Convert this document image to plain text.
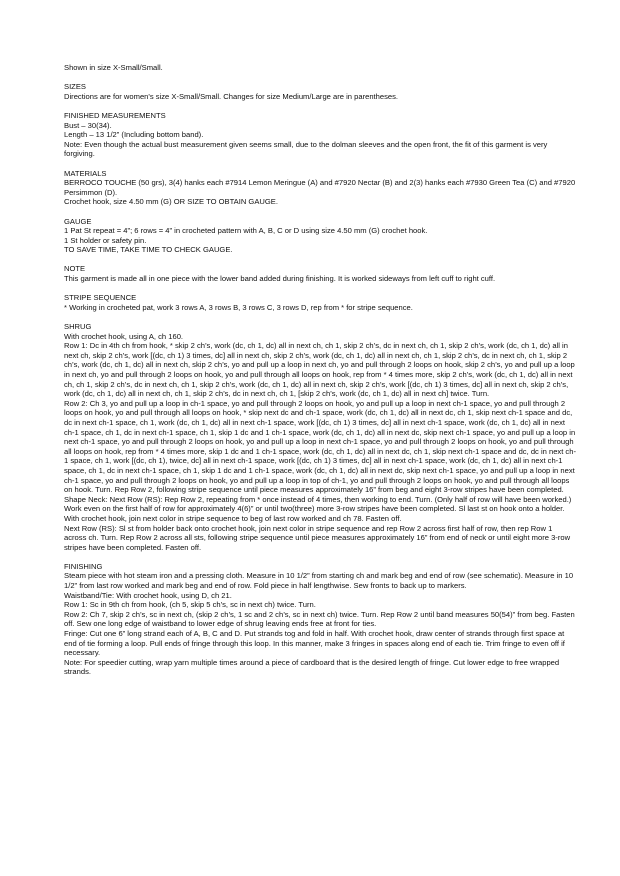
Shown in size X-Small/Small.

SIZES

Directions are for women's size X-Small/Small. Changes for size Medium/Large are in parentheses.

FINISHED MEASUREMENTS

Bust – 30(34).

Length – 13 1/2” (Including bottom band).

Note: Even though the actual bust measurement given seems small, due to the dolman sleeves and the open front, the fit of this garment is very forgiving.

MATERIALS

BERROCO TOUCHE (50 grs), 3(4) hanks each #7914 Lemon Meringue (A) and #7920 Nectar (B) and 2(3) hanks each #7930 Green Tea (C) and #7920 Persimmon (D).

Crochet hook, size 4.50 mm (G) OR SIZE TO OBTAIN GAUGE.

GAUGE

1 Pat St repeat = 4”; 6 rows = 4” in crocheted pattern with A, B, C or D using size 4.50 mm (G) crochet hook.

1 St holder or safety pin.

TO SAVE TIME, TAKE TIME TO CHECK GAUGE.

NOTE

This garment is made all in one piece with the lower band added during finishing. It is worked sideways from left cuff to right cuff.

STRIPE SEQUENCE

* Working in crocheted pat, work 3 rows A, 3 rows B, 3 rows C, 3 rows D, rep from * for stripe sequence.

SHRUG

With crochet hook, using A, ch 160.

Row 1: Dc in 4th ch from hook, * skip 2 ch’s, work (dc, ch 1, dc) all in next ch, ch 1, skip 2 ch’s, dc in next ch, ch 1, skip 2 ch’s, work (dc, ch 1, dc) all in next ch, skip 2 ch’s, work [(dc, ch 1) 3 times, dc] all in next ch, skip 2 ch’s, work (dc, ch 1, dc) all in next ch, ch 1, skip 2 ch’s, dc in next ch, ch 1, skip 2 ch’s, work (dc, ch 1, dc) all in next ch, skip 2 ch’s, yo and pull up a loop in next ch, yo and pull through 2 loops on hook, skip 2 ch’s, yo and pull up a loop in next ch, yo and pull through 2 loops on hook, yo and pull through all loops on hook, rep from * 4 times more, skip 2 ch’s, work (dc, ch 1, dc) all in next ch, ch 1, skip 2 ch’s, dc in next ch, ch 1, skip 2 ch’s, work (dc, ch 1, dc) all in next ch, skip 2 ch’s, work [(dc, ch 1) 3 times, dc] all in next ch, skip 2 ch’s, work (dc, ch 1, dc) all in next ch, ch 1, skip 2 ch’s, dc in next ch, ch 1, [skip 2 ch’s, work (dc, ch 1, dc) all in next ch] twice. Turn.

Row 2: Ch 3, yo and pull up a loop in ch-1 space, yo and pull through 2 loops on hook, yo and pull up a loop in next ch-1 space, yo and pull through 2 loops on hook, yo and pull through all loops on hook, * skip next dc and ch-1 space, work (dc, ch 1, dc) all in next dc, ch 1, skip next ch-1 space and dc, dc in next ch-1 space, ch 1, work (dc, ch 1, dc) all in next ch-1 space, work [(dc, ch 1) 3 times, dc] all in next ch-1 space, work (dc, ch 1, dc) all in next ch-1 space, ch 1, dc in next ch-1 space, ch 1, skip 1 dc and 1 ch-1 space, work (dc, ch 1, dc) all in next dc, skip next ch-1 space, yo and pull up a loop in next ch-1 space, yo and pull through 2 loops on hook, yo and pull up a loop in next ch-1 space, yo and pull through 2 loops on hook, yo and pull through all loops on hook, rep from * 4 times more, skip 1 dc and 1 ch-1 space, work (dc, ch 1, dc) all in next dc, ch 1, skip next ch-1 space and dc, dc in next ch-1 space, ch 1, work [(dc, ch 1), twice, dc] all in next ch-1 space, work [(dc, ch 1) 3 times, dc] all in next ch-1 space, work (dc, ch 1, dc) all in next ch-1 space, ch 1, dc in next ch-1 space, ch 1, skip 1 dc and 1 ch-1 space, work (dc, ch 1, dc) all in next dc, skip next ch-1 space, yo and pull up a loop in next ch-1 space, yo and pull through 2 loops on hook, yo and pull up a loop in top of ch-1, yo and pull through 2 loops on hook, yo and pull through all loops on hook. Turn. Rep Row 2, following stripe sequence until piece measures approximately 16” from beg and eight 3-row stripes have been completed.

Shape Neck: Next Row (RS): Rep Row 2, repeating from * once instead of 4 times, then working to end. Turn. (Only half of row will have been worked.) Work even on the first half of row for approximately 4(6)” or until two(three) more 3-row stripes have been completed. Sl last st on hook onto a holder. With crochet hook, join next color in stripe sequence to beg of last row worked and ch 78. Fasten off.

Next Row (RS): Sl st from holder back onto crochet hook, join next color in stripe sequence and rep Row 2 across first half of row, then rep Row 1 across ch. Turn. Rep Row 2 across all sts, following stripe sequence until piece measures approximately 16” from end of neck or until eight more 3-row stripes have been completed. Fasten off.

FINISHING

Steam piece with hot steam iron and a pressing cloth. Measure in 10 1/2” from starting ch and mark beg and end of row (see schematic). Measure in 10 1/2” from last row worked and mark beg and end of row. Fold piece in half lengthwise. Sew fronts to back up to markers.

Waistband/Tie: With crochet hook, using D, ch 21.

Row 1: Sc in 9th ch from hook, (ch 5, skip 5 ch’s, sc in next ch) twice. Turn.

Row 2: Ch 7, skip 2 ch’s, sc in next ch, (skip 2 ch’s, 1 sc and 2 ch’s, sc in next ch) twice. Turn. Rep Row 2 until band measures 50(54)” from beg. Fasten off. Sew one long edge of waistband to lower edge of shrug leaving ends free at front for ties.

Fringe: Cut one 6” long strand each of A, B, C and D. Put strands tog and fold in half. With crochet hook, draw center of strands through first space at end of tie forming a loop. Pull ends of fringe through this loop. In this manner, make 3 fringes in spaces along end of each tie. Trim fringe to even off if necessary.

Note: For speedier cutting, wrap yarn multiple times around a piece of cardboard that is the desired length of fringe. Cut lower edge to free wrapped strands.
